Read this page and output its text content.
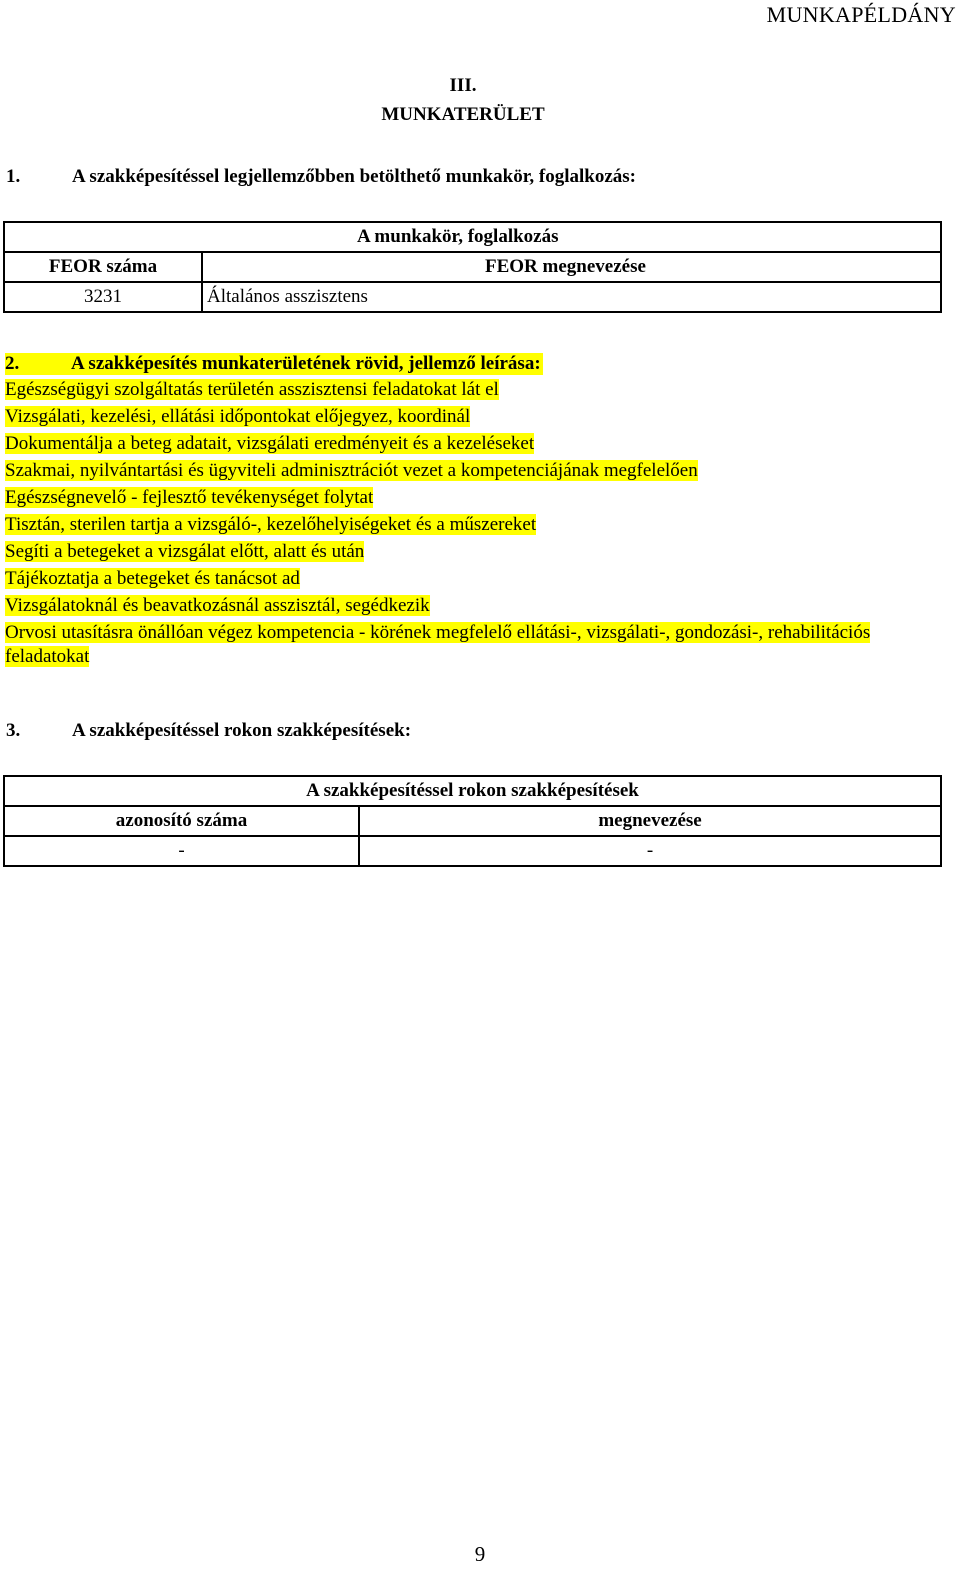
MUNKAPÉLDÁNY
III.
MUNKATERÜLET
1.	A szakképesítéssel legjellemzőbben betölthető munkakör, foglalkozás:
	A munkakör, foglalkozás
FEOR száma	FEOR megnevezése
3231	Általános asszisztens
2.	A szakképesítés munkaterületének rövid, jellemző leírása:
Egészségügyi szolgáltatás területén asszisztensi feladatokat lát el
Vizsgálati, kezelési, ellátási időpontokat előjegyez, koordinál
Dokumentálja a beteg adatait, vizsgálati eredményeit és a kezeléseket
Szakmai, nyilvántartási és ügyviteli adminisztrációt vezet a kompetenciájának megfelelően
Egészségnevelő - fejlesztő tevékenységet folytat
Tisztán, sterilen tartja a vizsgáló-, kezelőhelyiségeket és a műszereket
Segíti a betegeket a vizsgálat előtt, alatt és után
Tájékoztatja a betegeket és tanácsot ad
Vizsgálatoknál és beavatkozásnál asszisztál, segédkezik
Orvosi utasításra önállóan végez kompetencia - körének megfelelő ellátási-, vizsgálati-, gondozási-, rehabilitációs
feladatokat
3.	A szakképesítéssel rokon szakképesítések:
A szakképesítéssel rokon szakképesítések	
azonosító száma	megnevezése
-	-
9
